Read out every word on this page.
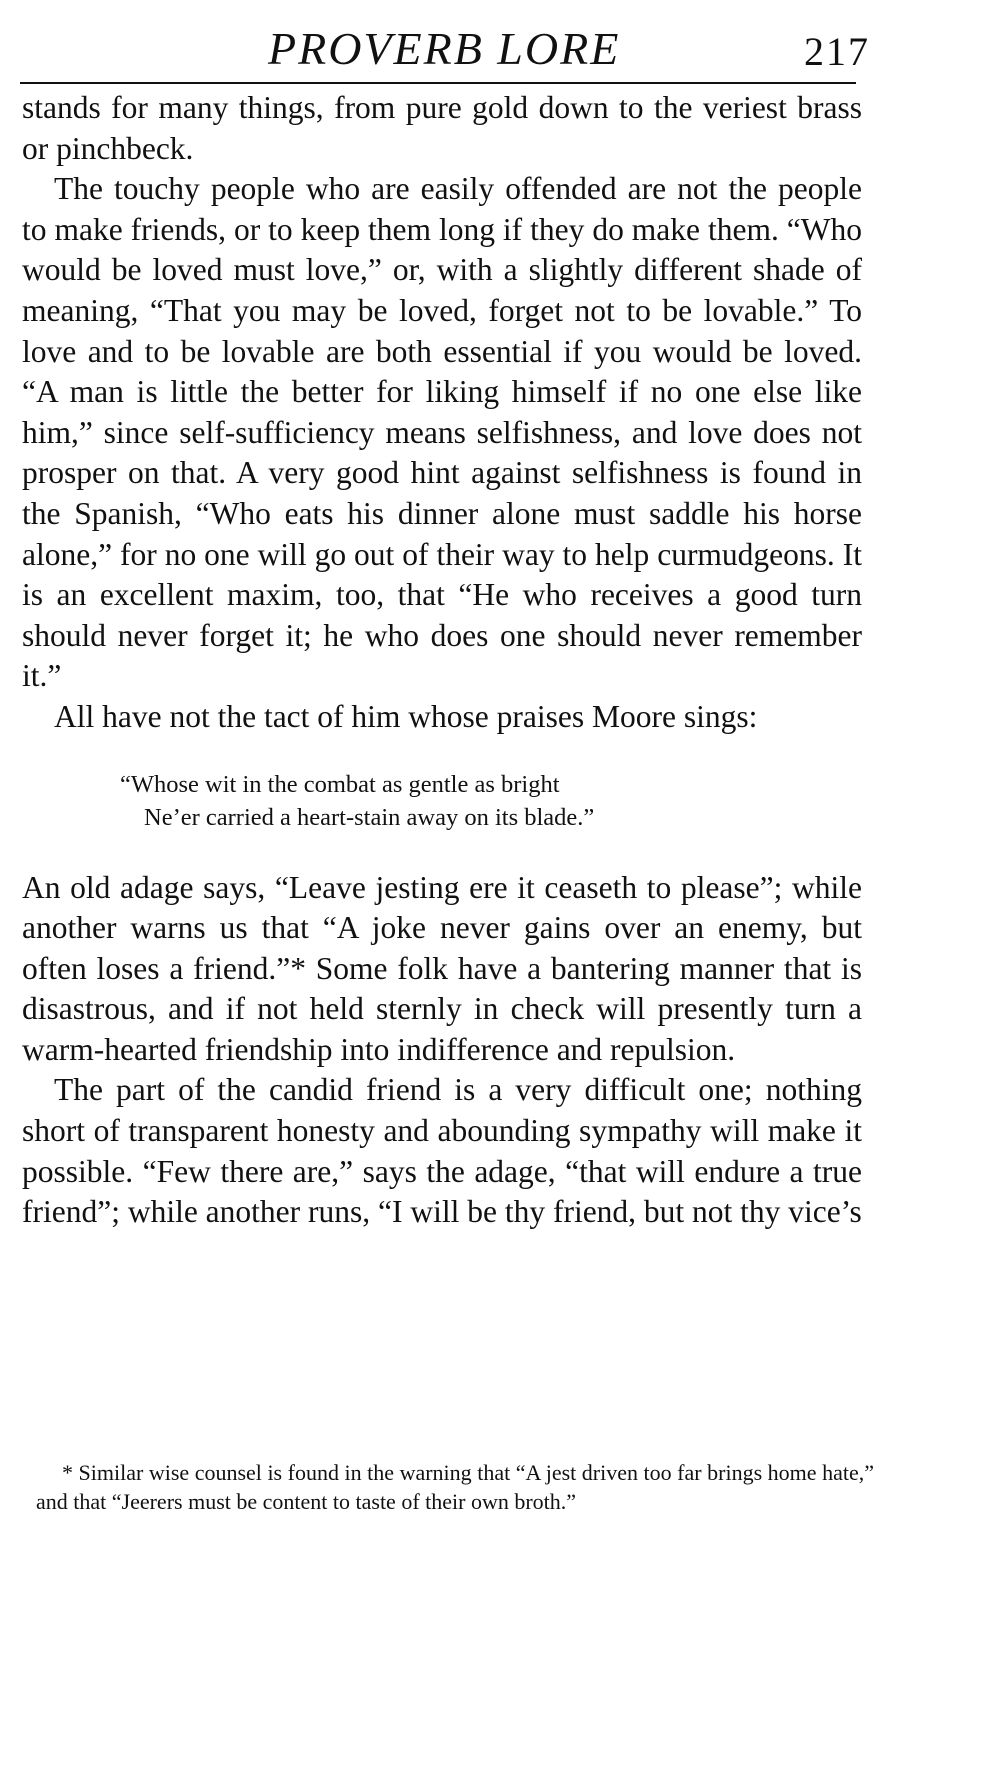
PROVERB LORE	217

stands for many things, from pure gold down to the veriest brass or pinchbeck.

The touchy people who are easily offended are not the people to make friends, or to keep them long if they do make them. “Who would be loved must love,” or, with a slightly different shade of meaning, “That you may be loved, forget not to be lovable.” To love and to be lovable are both essential if you would be loved. “A man is little the better for liking himself if no one else like him,” since self-sufficiency means selfishness, and love does not prosper on that. A very good hint against selfishness is found in the Spanish, “Who eats his dinner alone must saddle his horse alone,” for no one will go out of their way to help curmudgeons. It is an excellent maxim, too, that “He who receives a good turn should never forget it; he who does one should never remember it.”

All have not the tact of him whose praises Moore sings:

“Whose wit in the combat as gentle as bright
Ne’er carried a heart-stain away on its blade.”

An old adage says, “Leave jesting ere it ceaseth to please”; while another warns us that “A joke never gains over an enemy, but often loses a friend.”* Some folk have a bantering manner that is disastrous, and if not held sternly in check will presently turn a warm-hearted friendship into indifference and repulsion.

The part of the candid friend is a very difficult one; nothing short of transparent honesty and abounding sympathy will make it possible. “Few there are,” says the adage, “that will endure a true friend”; while another runs, “I will be thy friend, but not thy vice’s

* Similar wise counsel is found in the warning that “A jest driven too far brings home hate,” and that “Jeerers must be content to taste of their own broth.”
